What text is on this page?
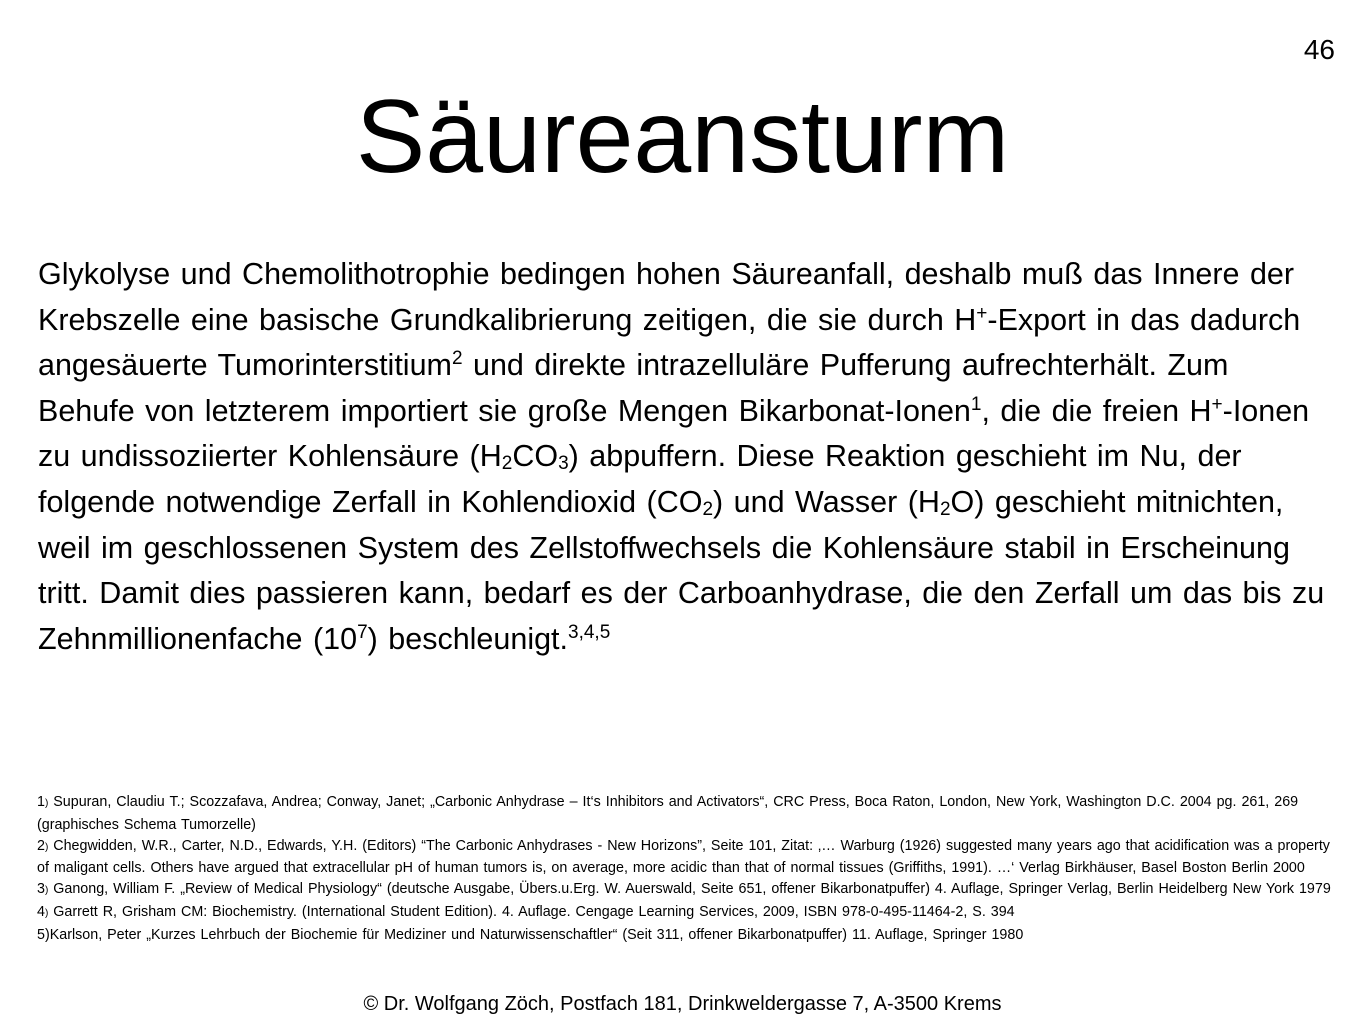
46
Säureansturm
Glykolyse und Chemolithotrophie bedingen hohen Säureanfall, deshalb muß das Innere der Krebszelle eine basische Grundkalibrierung zeitigen, die sie durch H+-Export in das dadurch angesäuerte Tumorinterstitium$^2$ und direkte intrazelluläre Pufferung aufrechterhält. Zum Behufe von letzterem importiert sie große Mengen Bikarbonat-Ionen$^1$, die die freien H+-Ionen zu undissoziierter Kohlensäure $(H_2CO_3)$ abpuffern. Diese Reaktion geschieht im Nu, der folgende notwendige Zerfall in Kohlendioxid $(CO_2)$ und Wasser $(H_2O)$ geschieht mitnichten, weil im geschlossenen System des Zellstoffwechsels die Kohlensäure stabil in Erscheinung tritt. Damit dies passieren kann, bedarf es der Carboanhydrase, die den Zerfall um das bis zu Zehnmillionenfache $(10^7)$ beschleunigt.$^{3,4,5}$

1) Supuran, Claudiu T.; Scozzafava, Andrea; Conway, Janet; „Carbonic Anhydrase – It‘s Inhibitors and Activators“, CRC Press, Boca Raton, London, New York, Washington D.C. 2004 pg. 261, 269 (graphisches Schema Tumorzelle)

2) Chegwidden, W.R., Carter, N.D., Edwards, Y.H. (Editors) “The Carbonic Anhydrases - New Horizons”, Seite 101, Zitat: ‚… Warburg (1926) suggested many years ago that acidification was a property of maligant cells. Others have argued that extracellular pH of human tumors is, on average, more acidic than that of normal tissues (Griffiths, 1991). …‘ Verlag Birkhäuser, Basel Boston Berlin 2000

3) Ganong, William F. „Review of Medical Physiology“ (deutsche Ausgabe, Übers.u.Erg. W. Auerswald, Seite 651, offener Bikarbonatpuffer) 4. Auflage, Springer Verlag, Berlin Heidelberg New York 1979

4) Garrett R, Grisham CM: Biochemistry. (International Student Edition). 4. Auflage. Cengage Learning Services, 2009, ISBN 978-0-495-11464-2, S. 394

5)Karlson, Peter „Kurzes Lehrbuch der Biochemie für Mediziner und Naturwissenschaftler“ (Seit 311, offener Bikarbonatpuffer) 11. Auflage, Springer 1980

© Dr. Wolfgang Zöch, Postfach 181, Drinkweldergasse 7, A-3500 Krems
